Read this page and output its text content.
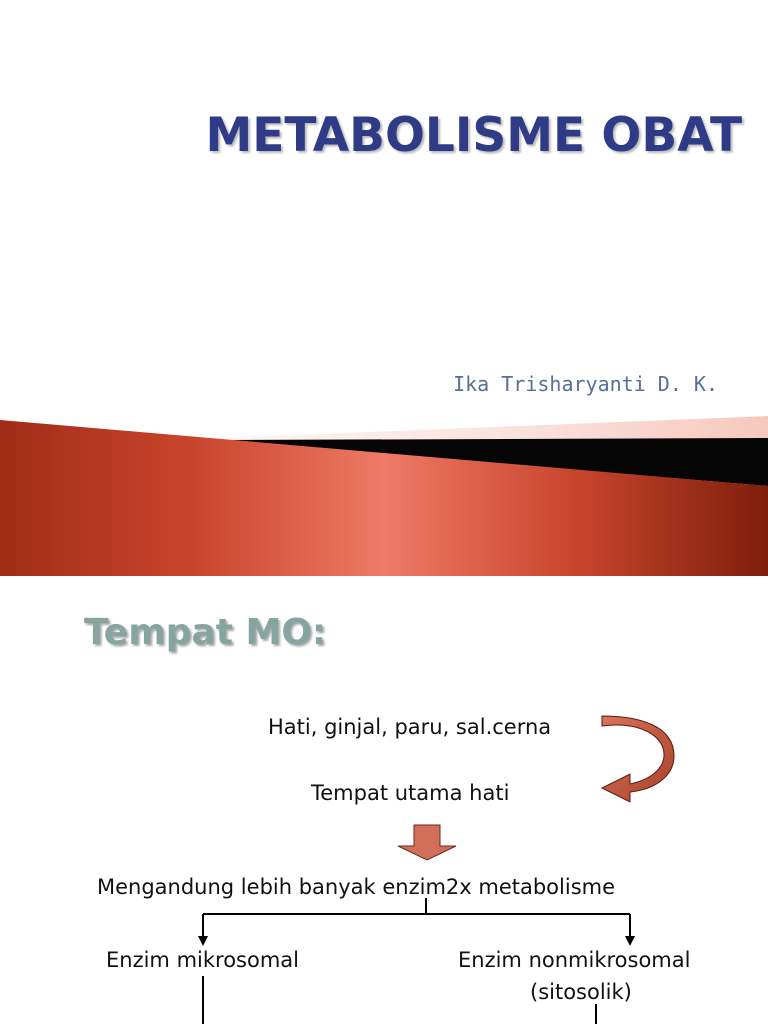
METABOLISME OBAT
Ika Trisharyanti D. K.
Tempat MO:
Hati, ginjal, paru, sal.cerna
Tempat utama hati
Mengandung lebih banyak enzim2x metabolisme
Enzim mikrosomal	Enzim nonmikrosomal
(sitosolik)
